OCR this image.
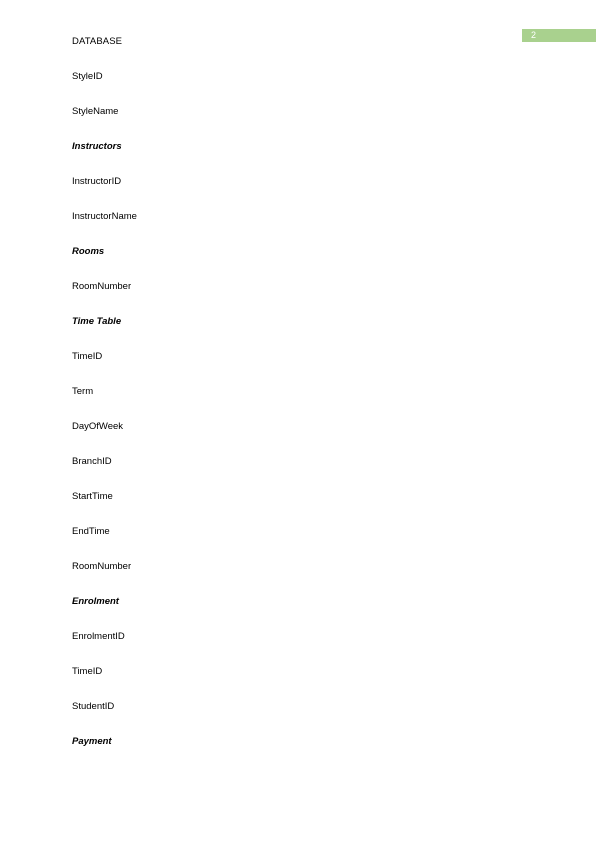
2
DATABASE
StyleID
StyleName
Instructors
InstructorID
InstructorName
Rooms
RoomNumber
Time Table
TimeID
Term
DayOfWeek
BranchID
StartTime
EndTime
RoomNumber
Enrolment
EnrolmentID
TimeID
StudentID
Payment
